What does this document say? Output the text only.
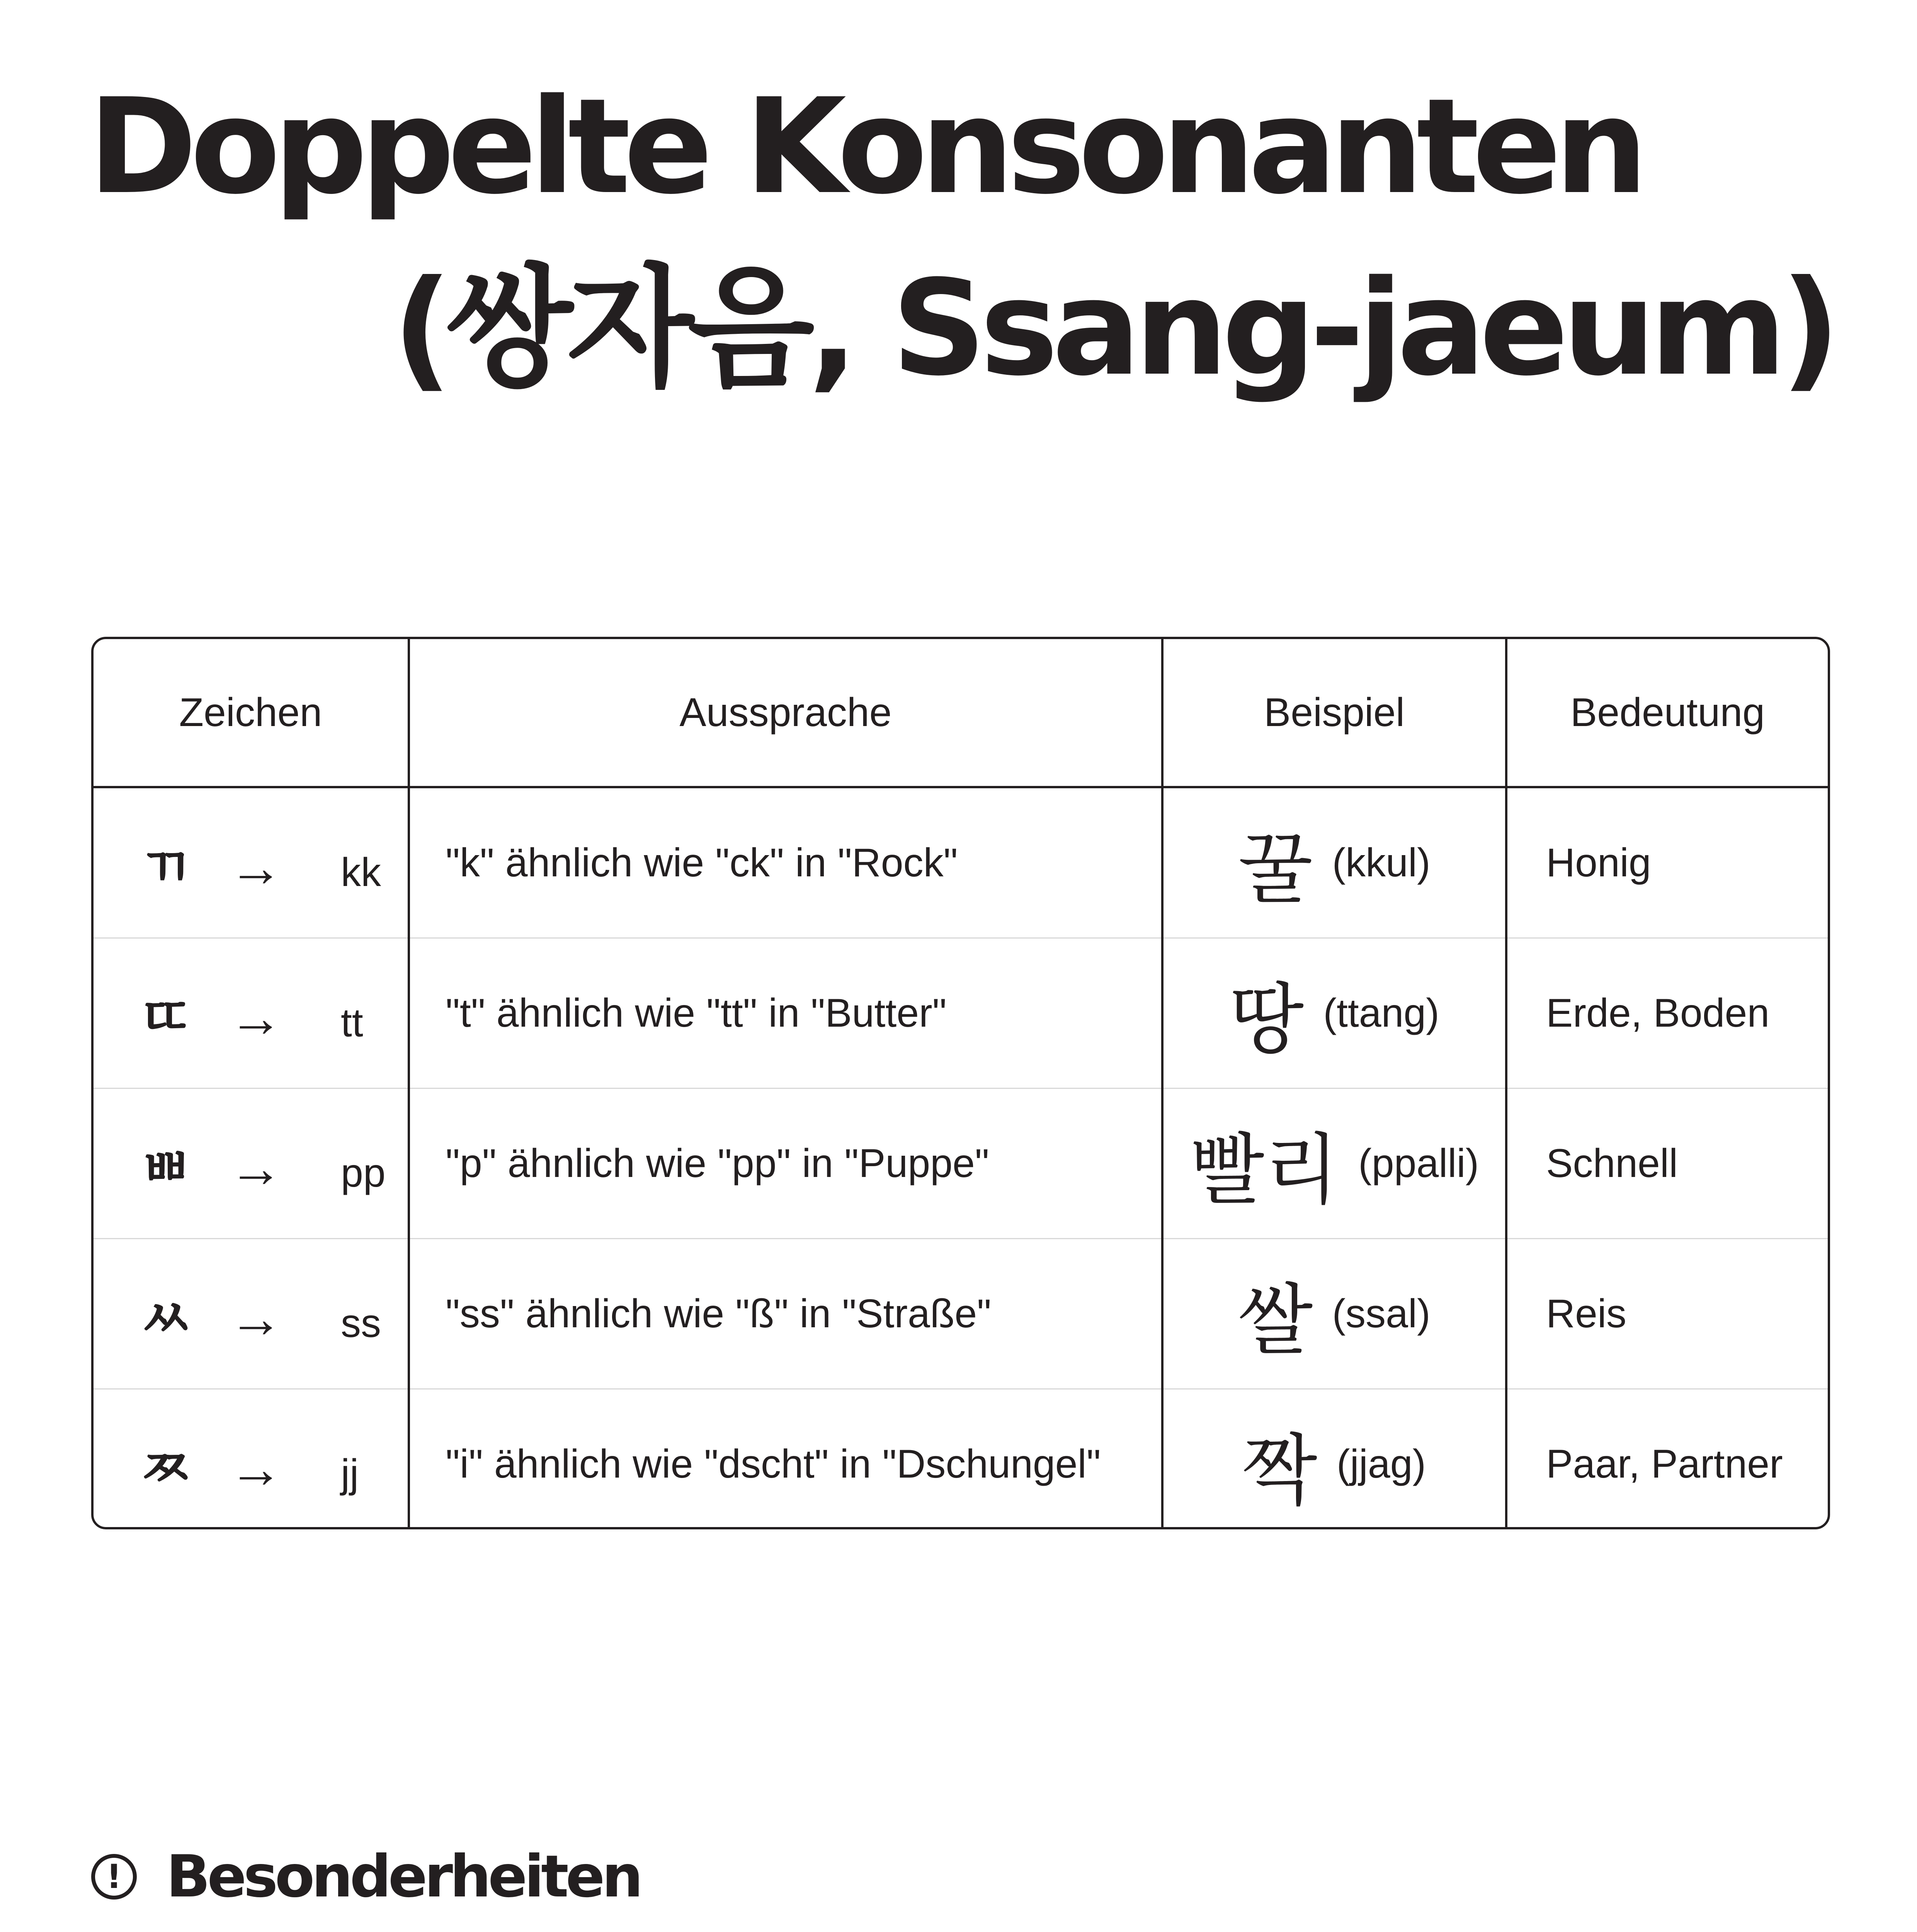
Doppelte Konsonanten
(쌍자음, Ssang-jaeum)
Zeichen	Aussprache	Beispiel	Bedeutung
ㄲ → kk	"k" ähnlich wie "ck" in "Rock"	꿀 (kkul)	Honig
ㄸ → tt	"t" ähnlich wie "tt" in "Butter"	땅 (ttang)	Erde, Boden
ㅃ → pp	"p" ähnlich wie "pp" in "Puppe"	빨리 (ppalli)	Schnell
ㅆ → ss	"ss" ähnlich wie "ß" in "Straße"	쌀 (ssal)	Reis
ㅉ → jj	"i" ähnlich wie "dscht" in "Dschungel"	짝 (jjag)	Paar, Partner
! Besonderheiten
